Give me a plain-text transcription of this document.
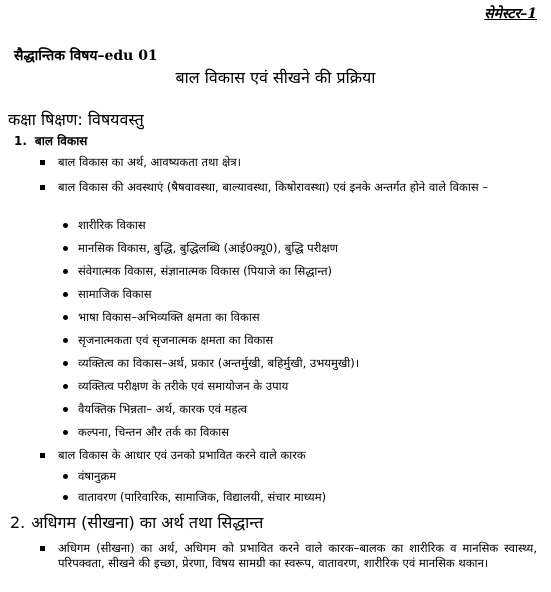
सेमेस्टर–1
सैद्धान्तिक विषय–edu 01
बाल विकास एवं सीखने की प्रक्रिया
कक्षा षिक्षण: विषयवस्तु
1. बाल विकास
बाल विकास का अर्थ, आवष्यकता तथा क्षेत्र।
बाल विकास की अवस्थाएं (षैषवावस्था, बाल्यावस्था, किषोरावस्था) एवं इनके अन्तर्गत होने वाले विकास –
शारीरिक विकास
मानसिक विकास, बुद्धि, बुद्धिलब्धि (आई0क्यू0), बुद्धि परीक्षण
संवेगात्मक विकास, संज्ञानात्मक विकास (पियाजे का सिद्धान्त)
सामाजिक विकास
भाषा विकास–अभिव्यक्ति क्षमता का विकास
सृजनात्मकता एवं सृजनात्मक क्षमता का विकास
व्यक्तित्व का विकास–अर्थ, प्रकार (अन्तर्मुखी, बहिर्मुखी, उभयमुखी)।
व्यक्तित्व परीक्षण के तरीके एवं समायोजन के उपाय
वैयक्तिक भिन्नता– अर्थ, कारक एवं महत्व
कल्पना, चिन्तन और तर्क का विकास
बाल विकास के आधार एवं उनको प्रभावित करने वाले कारक
वंषानुक्रम
वातावरण (पारिवारिक, सामाजिक, विद्यालयी, संचार माध्यम)
2. अधिगम (सीखना) का अर्थ तथा सिद्धान्त
अधिगम (सीखना) का अर्थ, अधिगम को प्रभावित करने वाले कारक–बालक का शारीरिक व मानसिक स्वास्थ्य, परिपक्वता, सीखने की इच्छा, प्रेरणा, विषय सामग्री का स्वरूप, वातावरण, शारीरिक एवं मानसिक थकान।
